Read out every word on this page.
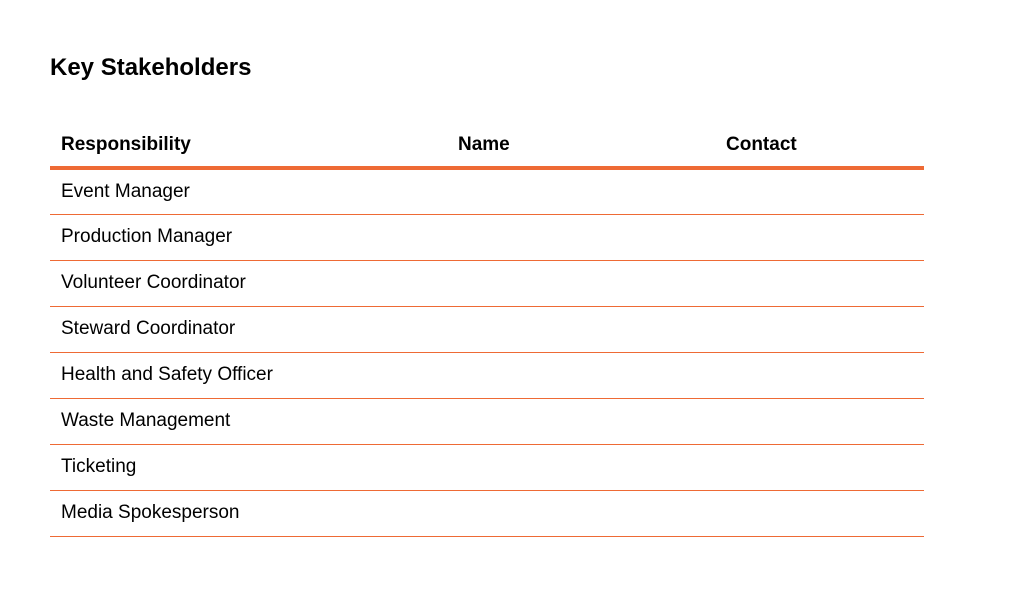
Key Stakeholders
Responsibility	Name	Contact
Event Manager		
Production Manager		
Volunteer Coordinator		
Steward Coordinator		
Health and Safety Officer		
Waste Management		
Ticketing		
Media Spokesperson		
